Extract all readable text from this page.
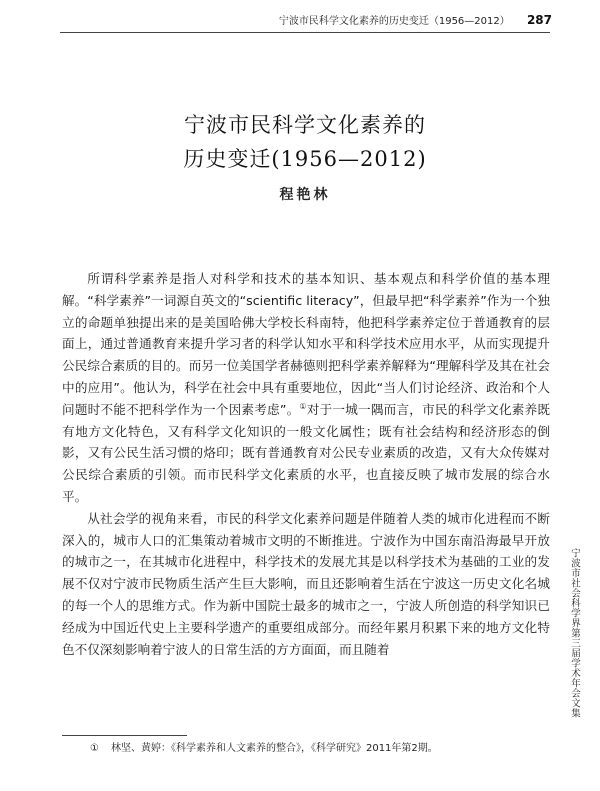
宁波市民科学文化素养的历史变迁（1956—2012） 287
宁波市民科学文化素养的
历史变迁(1956—2012)
程艳林

所谓科学素养是指人对科学和技术的基本知识、基本观点和科学价值的基本理解。“科学素养”一词源自英文的“scientific literacy”，但最早把“科学素养”作为一个独立的命题单独提出来的是美国哈佛大学校长科南特，他把科学素养定位于普通教育的层面上，通过普通教育来提升学习者的科学认知水平和科学技术应用水平，从而实现提升公民综合素质的目的。而另一位美国学者赫德则把科学素养解释为“理解科学及其在社会中的应用”。他认为，科学在社会中具有重要地位，因此“当人们讨论经济、政治和个人问题时不能不把科学作为一个因素考虑”。①对于一城一隅而言，市民的科学文化素养既有地方文化特色，又有科学文化知识的一般文化属性；既有社会结构和经济形态的倒影，又有公民生活习惯的烙印；既有普通教育对公民专业素质的改造，又有大众传媒对公民综合素质的引领。而市民科学文化素质的水平，也直接反映了城市发展的综合水平。

从社会学的视角来看，市民的科学文化素养问题是伴随着人类的城市化进程而不断深入的，城市人口的汇集策动着城市文明的不断推进。宁波作为中国东南沿海最早开放的城市之一，在其城市化进程中，科学技术的发展尤其是以科学技术为基础的工业的发展不仅对宁波市民物质生活产生巨大影响，而且还影响着生活在宁波这一历史文化名城的每一个人的思维方式。作为新中国院士最多的城市之一，宁波人所创造的科学知识已经成为中国近代史上主要科学遗产的重要组成部分。而经年累月积累下来的地方文化特色不仅深刻影响着宁波人的日常生活的方方面面，而且随着

① 林坚、黄婷：《科学素养和人文素养的整合》，《科学研究》2011年第2期。
宁波市社会科学界第三届学术年会文集
